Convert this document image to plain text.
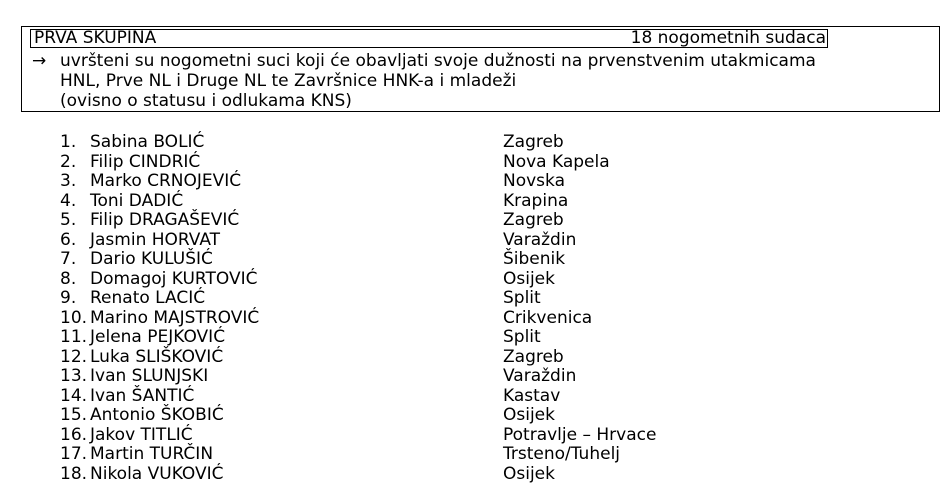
PRVA SKUPINA	18 nogometnih sudaca
→ uvršteni su nogometni suci koji će obavljati svoje dužnosti na prvenstvenim utakmicama
HNL, Prve NL i Druge NL te Završnice HNK-a i mladeži
(ovisno o statusu i odlukama KNS)
1. Sabina BOLIĆ	Zagreb
2. Filip CINDRIĆ	Nova Kapela
3. Marko CRNOJEVIĆ	Novska
4. Toni DADIĆ	Krapina
5. Filip DRAGAŠEVIĆ	Zagreb
6. Jasmin HORVAT	Varaždin
7. Dario KULUŠIĆ	Šibenik
8. Domagoj KURTOVIĆ	Osijek
9. Renato LACIĆ	Split
10. Marino MAJSTROVIĆ	Crikvenica
11. Jelena PEJKOVIĆ	Split
12. Luka SLIŠKOVIĆ	Zagreb
13. Ivan SLUNJSKI	Varaždin
14. Ivan ŠANTIĆ	Kastav
15. Antonio ŠKOBIĆ	Osijek
16. Jakov TITLIĆ	Potravlje – Hrvace
17. Martin TURČIN	Trsteno/Tuhelj
18. Nikola VUKOVIĆ	Osijek
